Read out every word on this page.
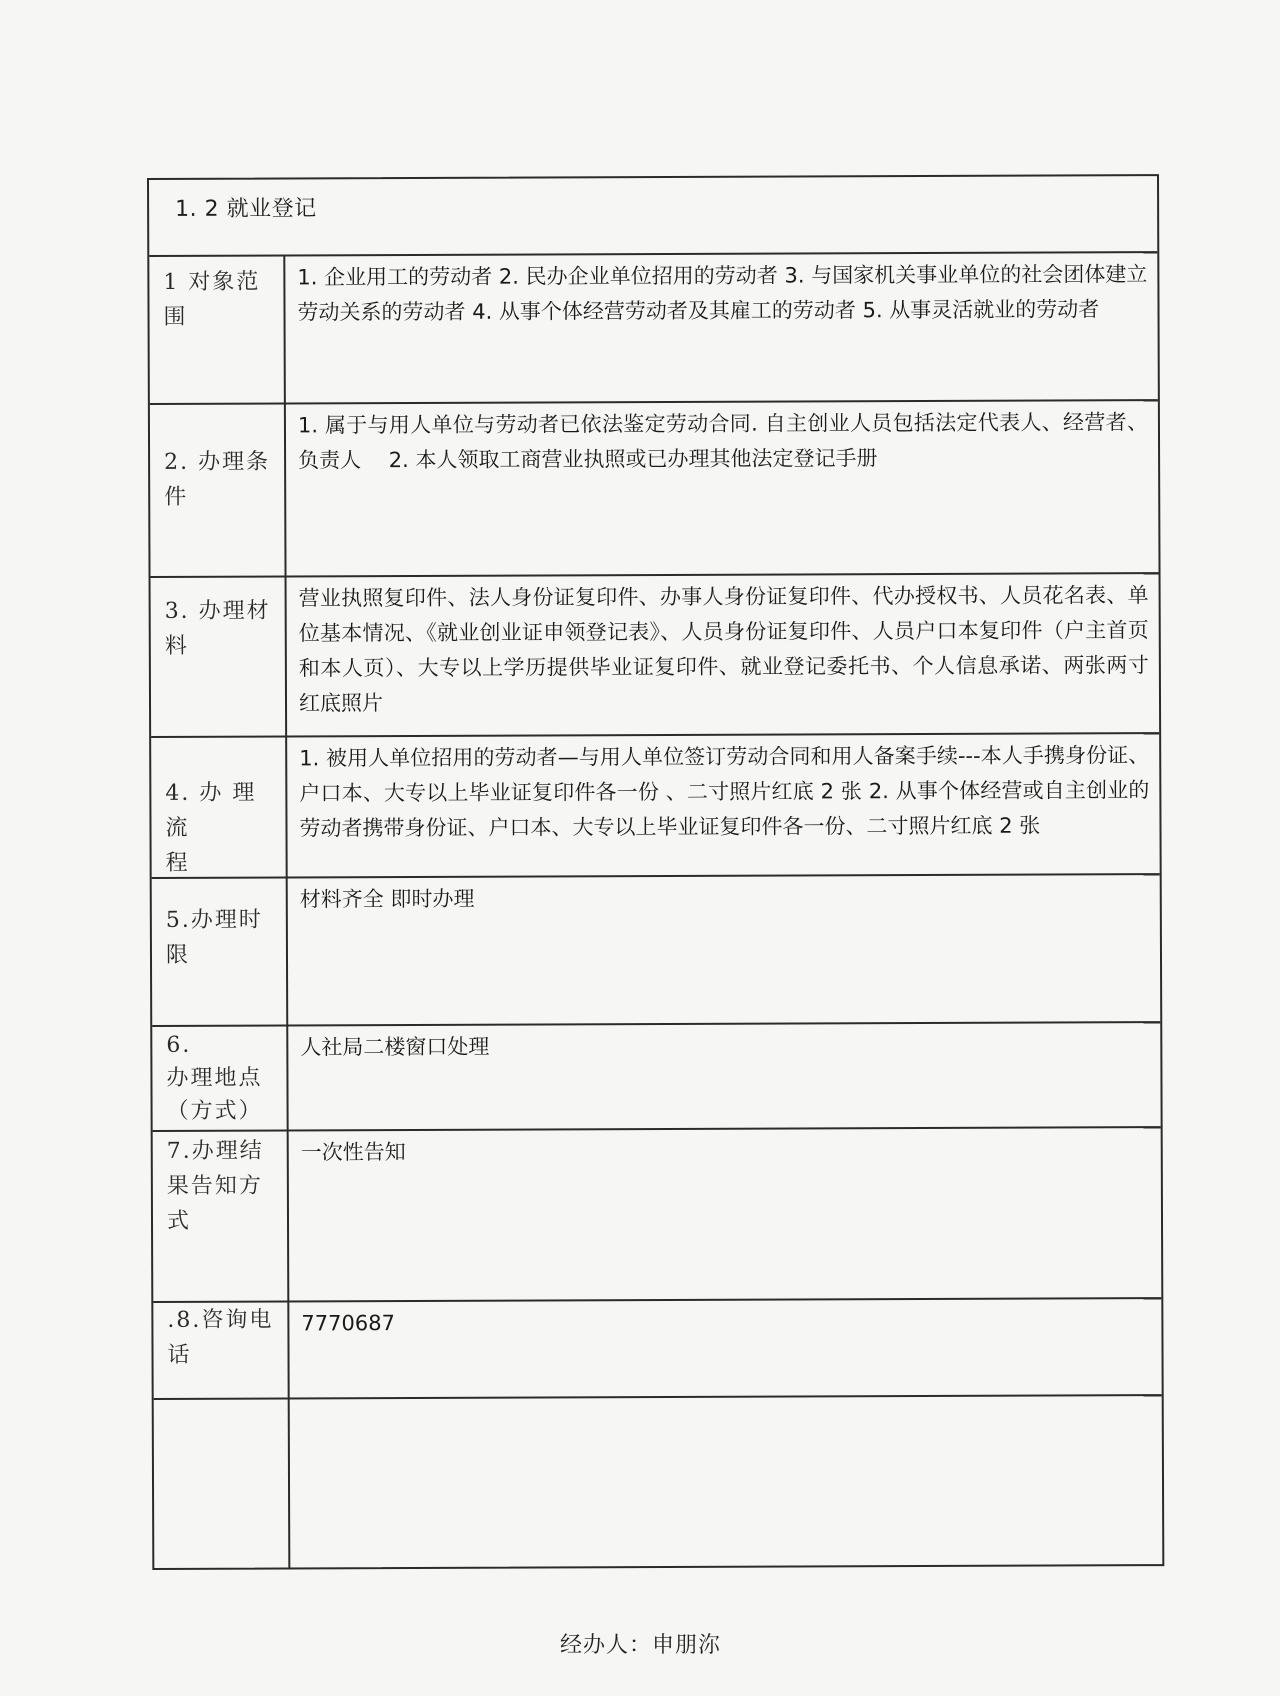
1. 2 就业登记
1 对象范
围
1. 企业用工的劳动者 2. 民办企业单位招用的劳动者 3. 与国家机关事业单位的社会团体建立劳动关系的劳动者 4. 从事个体经营劳动者及其雇工的劳动者 5. 从事灵活就业的劳动者
2. 办理条
件
1. 属于与用人单位与劳动者已依法鉴定劳动合同. 自主创业人员包括法定代表人、经营者、负责人　 2. 本人领取工商营业执照或已办理其他法定登记手册
3. 办理材
料
营业执照复印件、法人身份证复印件、办事人身份证复印件、代办授权书、人员花名表、单位基本情况、《就业创业证申领登记表》、人员身份证复印件、人员户口本复印件（户主首页和本人页）、大专以上学历提供毕业证复印件、就业登记委托书、个人信息承诺、两张两寸红底照片
4. 办 理 流
程
1. 被用人单位招用的劳动者—与用人单位签订劳动合同和用人备案手续---本人手携身份证、户口本、大专以上毕业证复印件各一份 、二寸照片红底 2 张 2. 从事个体经营或自主创业的劳动者携带身份证、户口本、大专以上毕业证复印件各一份、二寸照片红底 2 张
5.办理时
限
材料齐全 即时办理
6.
办理地点
（方式）
人社局二楼窗口处理
7.办理结
果告知方
式
一次性告知
.8.咨询电
话
7770687
经办人：申朋沵
